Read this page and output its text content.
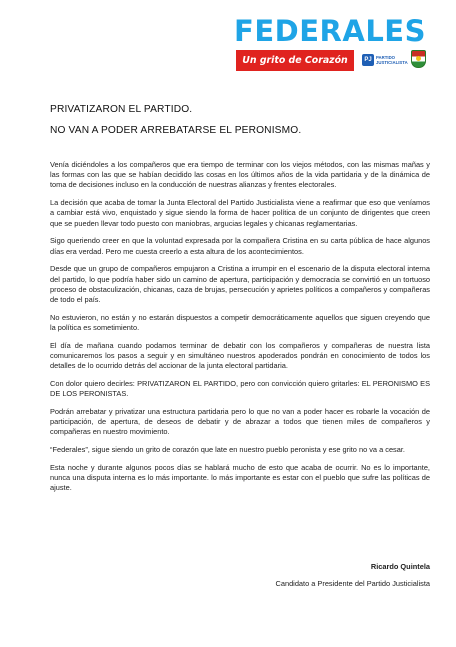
FEDERALES
Un grito de Corazón	PJ	PARTIDO
JUSTICIALISTA
PRIVATIZARON EL PARTIDO.
NO VAN A PODER ARREBATARSE EL PERONISMO.

Venía diciéndoles a los compañeros que era tiempo de terminar con los viejos métodos, con las mismas mañas y las formas con las que se habían decidido las cosas en los últimos años de la vida partidaria y de la dinámica de toma de decisiones incluso en la conducción de nuestras alianzas y frentes electorales.

La decisión que acaba de tomar la Junta Electoral del Partido Justicialista viene a reafirmar que eso que veníamos a cambiar está vivo, enquistado y sigue siendo la forma de hacer política de un conjunto de dirigentes que creen que se pueden llevar todo puesto con maniobras, argucias legales y chicanas reglamentarias.

Sigo queriendo creer en que la voluntad expresada por la compañera Cristina en su carta pública de hace algunos días era verdad. Pero me cuesta creerlo a esta altura de los acontecimientos.

Desde que un grupo de compañeros empujaron a Cristina a irrumpir en el escenario de la disputa electoral interna del partido, lo que podría haber sido un camino de apertura, participación y democracia se convirtió en un tortuoso proceso de obstaculización, chicanas, caza de brujas, persecución y aprietes políticos a compañeros y compañeras de todo el país.

No estuvieron, no están y no estarán dispuestos a competir democráticamente aquellos que siguen creyendo que la política es sometimiento.

El día de mañana cuando podamos terminar de debatir con los compañeros y compañeras de nuestra lista comunicaremos los pasos a seguir y en simultáneo nuestros apoderados pondrán en conocimiento de todos los detalles de lo ocurrido detrás del accionar de la junta electoral partidaria.

Con dolor quiero decirles: PRIVATIZARON EL PARTIDO, pero con convicción quiero gritarles: EL PERONISMO ES DE LOS PERONISTAS.

Podrán arrebatar y privatizar una estructura partidaria pero lo que no van a poder hacer es robarle la vocación de participación, de apertura, de deseos de debatir y de abrazar a todos que tienen miles de compañeros y compañeras en nuestro movimiento.

“Federales”, sigue siendo un grito de corazón que late en nuestro pueblo peronista y ese grito no va a cesar.

Esta noche y durante algunos pocos días se hablará mucho de esto que acaba de ocurrir. No es lo importante, nunca una disputa interna es lo más importante. lo más importante es estar con el pueblo que sufre las políticas de ajuste.

Ricardo Quintela
Candidato a Presidente del Partido Justicialista
